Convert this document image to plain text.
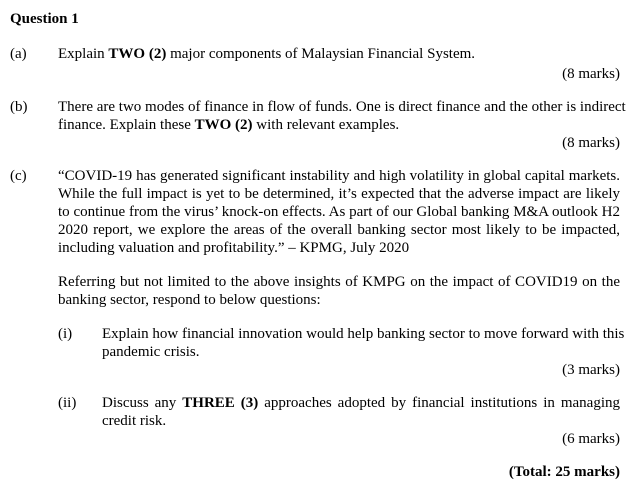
Question 1
(a) Explain TWO (2) major components of Malaysian Financial System.
(8 marks)
(b) There are two modes of finance in flow of funds. One is direct finance and the other is indirect
finance. Explain these TWO (2) with relevant examples.
(8 marks)
(c) “COVID-19 has generated significant instability and high volatility in global capital markets.
While the full impact is yet to be determined, it’s expected that the adverse impact are likely
to continue from the virus’ knock-on effects. As part of our Global banking M&A outlook H2
2020 report, we explore the areas of the overall banking sector most likely to be impacted,
including valuation and profitability.” – KPMG, July 2020
Referring but not limited to the above insights of KMPG on the impact of COVID19 on the
banking sector, respond to below questions:
(i) Explain how financial innovation would help banking sector to move forward with this
pandemic crisis.
(3 marks)
(ii) Discuss any THREE (3) approaches adopted by financial institutions in managing
credit risk.
(6 marks)
(Total: 25 marks)
